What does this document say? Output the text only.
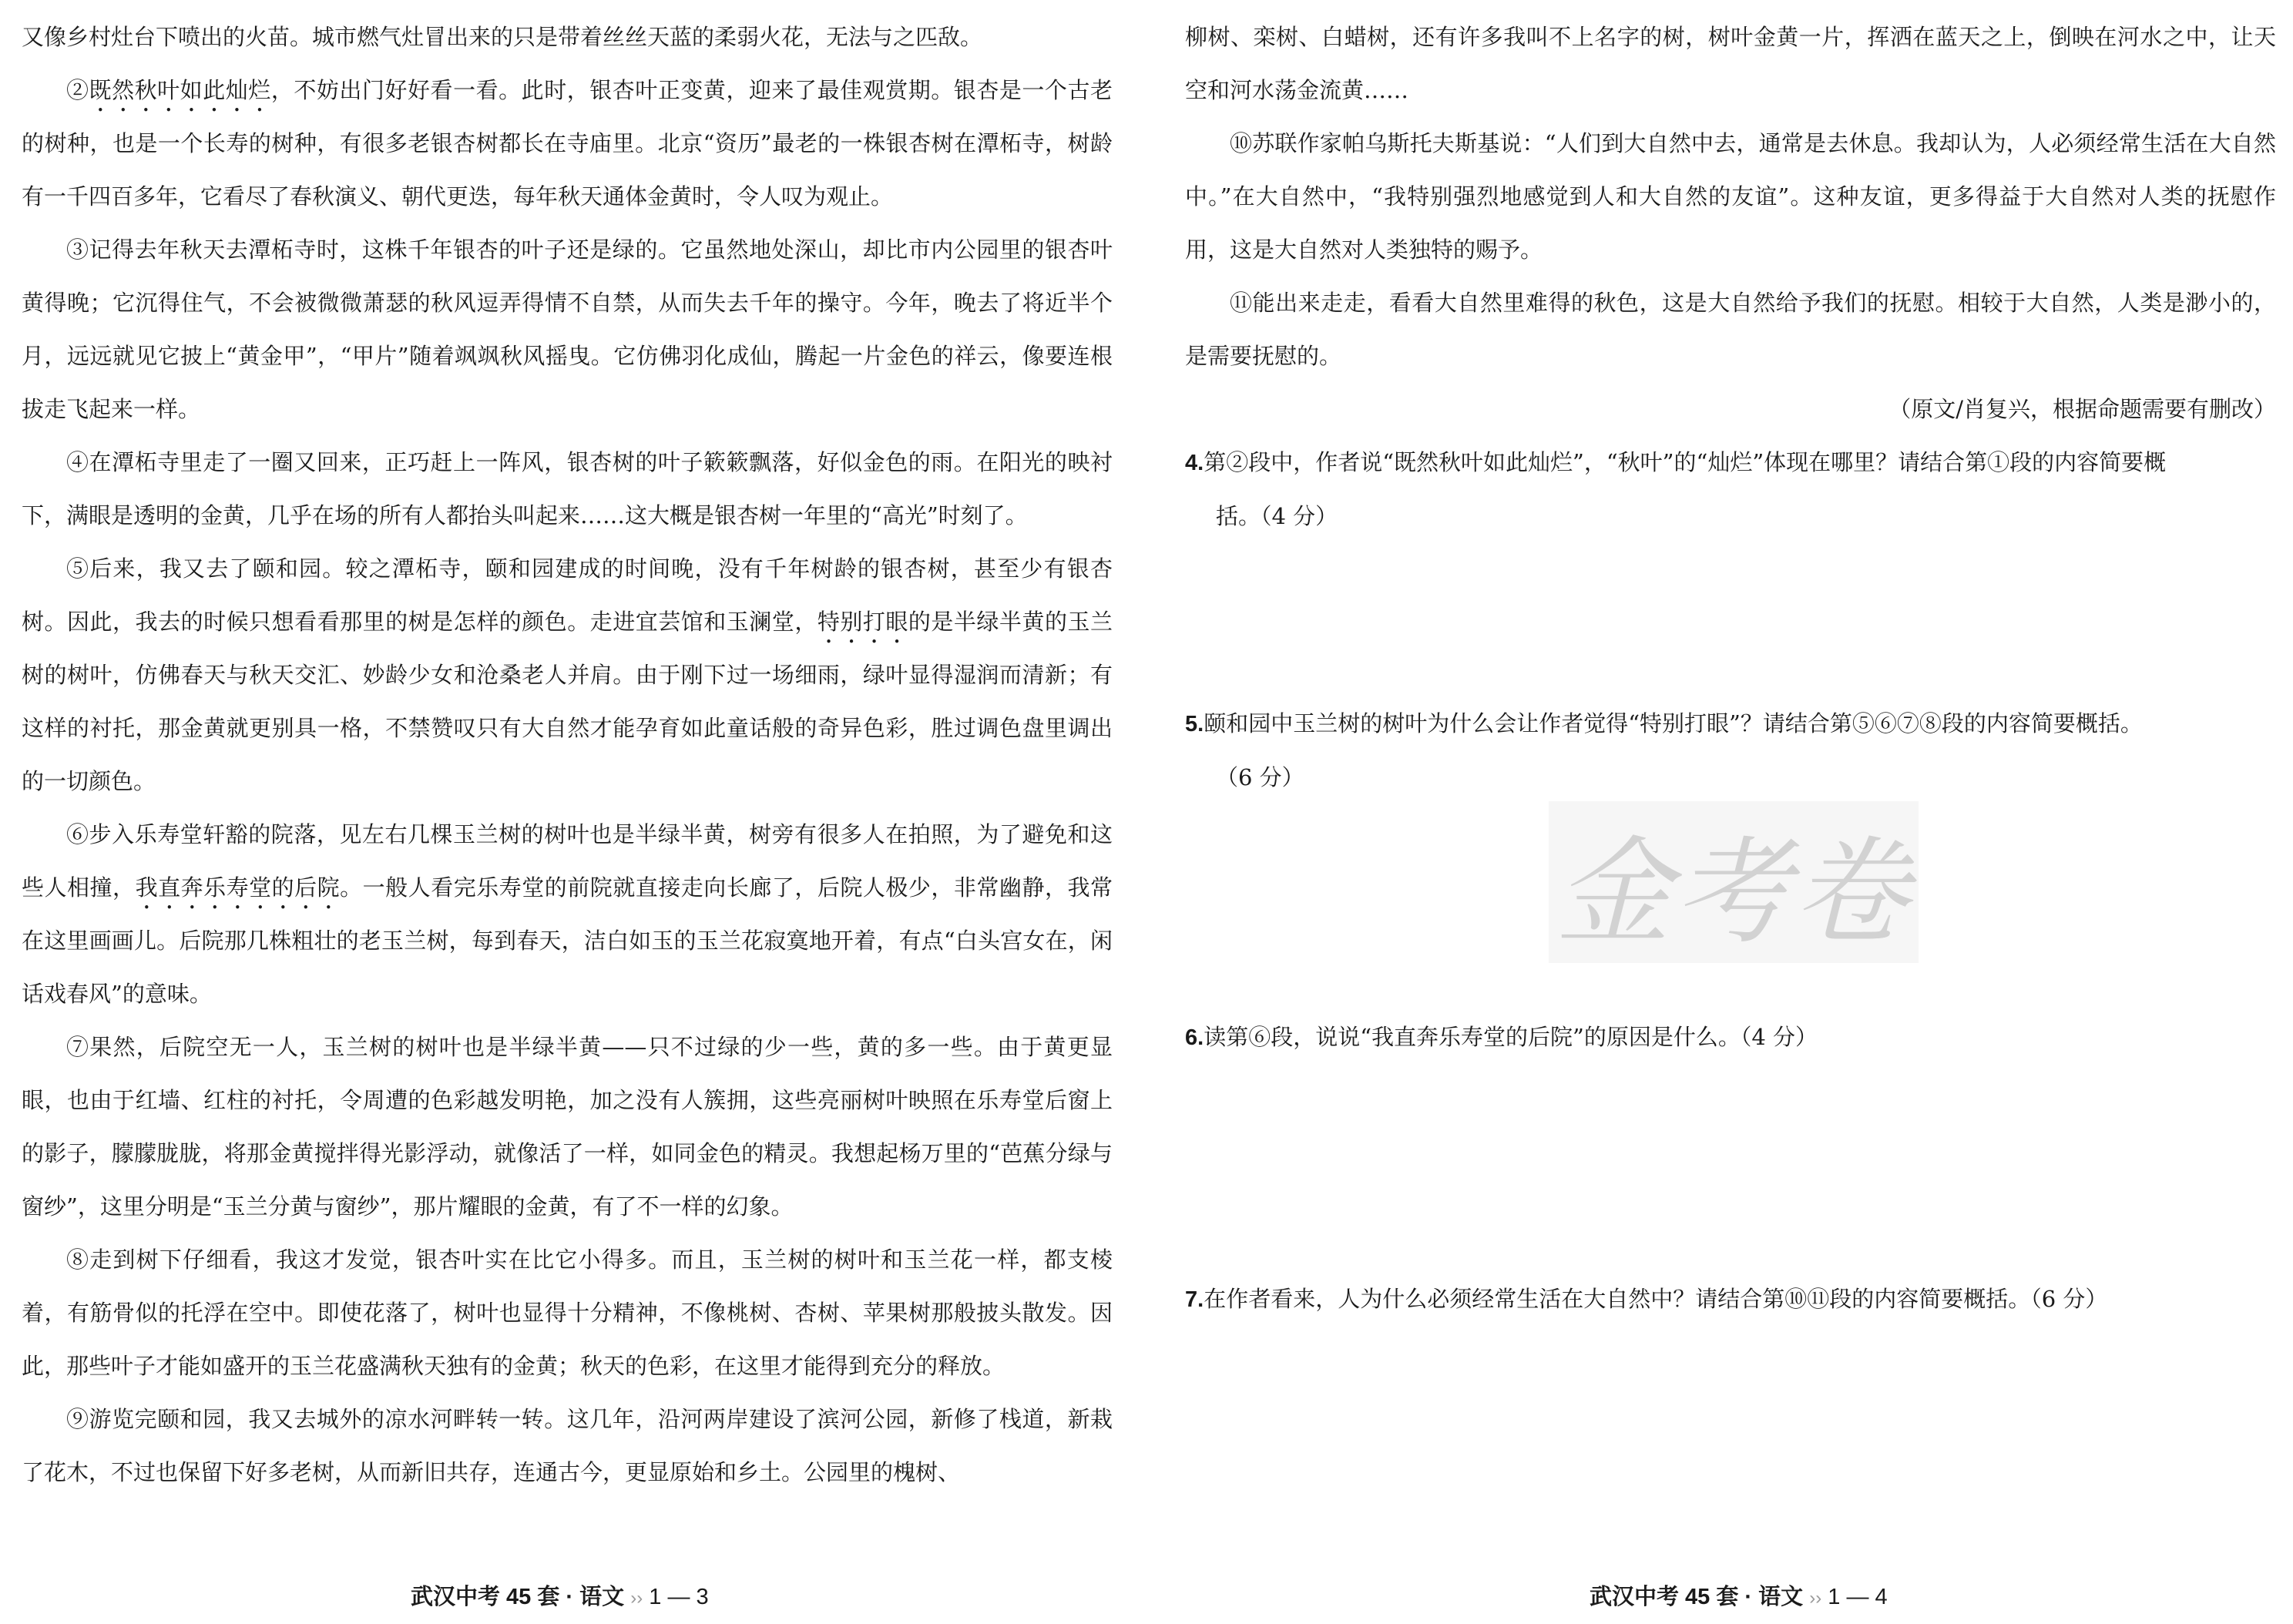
又像乡村灶台下喷出的火苗。城市燃气灶冒出来的只是带着丝丝天蓝的柔弱火花，无法与之匹敌。

②既然秋叶如此灿烂，不妨出门好好看一看。此时，银杏叶正变黄，迎来了最佳观赏期。银杏是一个古老的树种，也是一个长寿的树种，有很多老银杏树都长在寺庙里。北京“资历”最老的一株银杏树在潭柘寺，树龄有一千四百多年，它看尽了春秋演义、朝代更迭，每年秋天通体金黄时，令人叹为观止。

③记得去年秋天去潭柘寺时，这株千年银杏的叶子还是绿的。它虽然地处深山，却比市内公园里的银杏叶黄得晚；它沉得住气，不会被微微萧瑟的秋风逗弄得情不自禁，从而失去千年的操守。今年，晚去了将近半个月，远远就见它披上“黄金甲”，“甲片”随着飒飒秋风摇曳。它仿佛羽化成仙，腾起一片金色的祥云，像要连根拔走飞起来一样。

④在潭柘寺里走了一圈又回来，正巧赶上一阵风，银杏树的叶子簌簌飘落，好似金色的雨。在阳光的映衬下，满眼是透明的金黄，几乎在场的所有人都抬头叫起来……这大概是银杏树一年里的“高光”时刻了。

⑤后来，我又去了颐和园。较之潭柘寺，颐和园建成的时间晚，没有千年树龄的银杏树，甚至少有银杏树。因此，我去的时候只想看看那里的树是怎样的颜色。走进宜芸馆和玉澜堂，特别打眼的是半绿半黄的玉兰树的树叶，仿佛春天与秋天交汇、妙龄少女和沧桑老人并肩。由于刚下过一场细雨，绿叶显得湿润而清新；有这样的衬托，那金黄就更别具一格，不禁赞叹只有大自然才能孕育如此童话般的奇异色彩，胜过调色盘里调出的一切颜色。

⑥步入乐寿堂轩豁的院落，见左右几棵玉兰树的树叶也是半绿半黄，树旁有很多人在拍照，为了避免和这些人相撞，我直奔乐寿堂的后院。一般人看完乐寿堂的前院就直接走向长廊了，后院人极少，非常幽静，我常在这里画画儿。后院那几株粗壮的老玉兰树，每到春天，洁白如玉的玉兰花寂寞地开着，有点“白头宫女在，闲话戏春风”的意味。

⑦果然，后院空无一人，玉兰树的树叶也是半绿半黄——只不过绿的少一些，黄的多一些。由于黄更显眼，也由于红墙、红柱的衬托，令周遭的色彩越发明艳，加之没有人簇拥，这些亮丽树叶映照在乐寿堂后窗上的影子，朦朦胧胧，将那金黄搅拌得光影浮动，就像活了一样，如同金色的精灵。我想起杨万里的“芭蕉分绿与窗纱”，这里分明是“玉兰分黄与窗纱”，那片耀眼的金黄，有了不一样的幻象。

⑧走到树下仔细看，我这才发觉，银杏叶实在比它小得多。而且，玉兰树的树叶和玉兰花一样，都支棱着，有筋骨似的托浮在空中。即使花落了，树叶也显得十分精神，不像桃树、杏树、苹果树那般披头散发。因此，那些叶子才能如盛开的玉兰花盛满秋天独有的金黄；秋天的色彩，在这里才能得到充分的释放。

⑨游览完颐和园，我又去城外的凉水河畔转一转。这几年，沿河两岸建设了滨河公园，新修了栈道，新栽了花木，不过也保留下好多老树，从而新旧共存，连通古今，更显原始和乡土。公园里的槐树、

柳树、栾树、白蜡树，还有许多我叫不上名字的树，树叶金黄一片，挥洒在蓝天之上，倒映在河水之中，让天空和河水荡金流黄……

⑩苏联作家帕乌斯托夫斯基说：“人们到大自然中去，通常是去休息。我却认为，人必须经常生活在大自然中。”在大自然中，“我特别强烈地感觉到人和大自然的友谊”。这种友谊，更多得益于大自然对人类的抚慰作用，这是大自然对人类独特的赐予。

⑪能出来走走，看看大自然里难得的秋色，这是大自然给予我们的抚慰。相较于大自然，人类是渺小的，是需要抚慰的。

（原文/肖复兴，根据命题需要有删改）

4.第②段中，作者说“既然秋叶如此灿烂”，“秋叶”的“灿烂”体现在哪里？请结合第①段的内容简要概
括。（4 分）
5.颐和园中玉兰树的树叶为什么会让作者觉得“特别打眼”？请结合第⑤⑥⑦⑧段的内容简要概括。
（6 分）
金考卷
6.读第⑥段，说说“我直奔乐寿堂的后院”的原因是什么。（4 分）
7.在作者看来，人为什么必须经常生活在大自然中？请结合第⑩⑪段的内容简要概括。（6 分）
武汉中考 45 套 · 语文 ›› 1 — 3	武汉中考 45 套 · 语文 ›› 1 — 4
